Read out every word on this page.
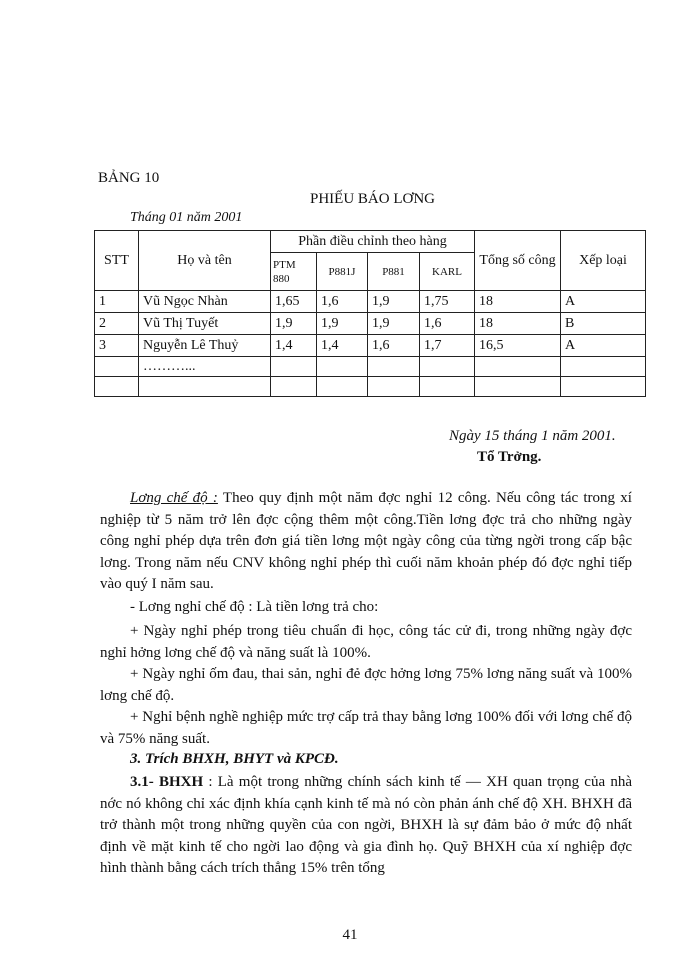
BẢNG 10
PHIẾU BÁO LƠNG
Tháng 01 năm 2001
STT	Họ và tên	Phần điều chỉnh theo hàng				Tổng số công	Xếp loại
		PTM 880	P881J	P881	KARL		
1	Vũ Ngọc Nhàn	1,65	1,6	1,9	1,75	18	A
2	Vũ Thị Tuyết	1,9	1,9	1,9	1,6	18	B
3	Nguyễn Lê Thuỷ	1,4	1,4	1,6	1,7	16,5	A
	………...						

Ngày 15 tháng 1 năm 2001.
Tổ Trởng.
Lơng chế độ : Theo quy định một năm đợc nghỉ 12 công. Nếu công tác trong xí nghiệp từ 5 năm trở lên đợc cộng thêm một công.Tiền lơng đợc trả cho những ngày công nghỉ phép dựa trên đơn giá tiền lơng một ngày công của từng ngời trong cấp bậc lơng. Trong năm nếu CNV không nghỉ phép thì cuối năm khoản phép đó đợc nghỉ tiếp vào quý I năm sau.
- Lơng nghỉ chế độ : Là tiền lơng trả cho:
+ Ngày nghỉ phép trong tiêu chuẩn đi học, công tác cử đi, trong những ngày đợc nghỉ hởng lơng chế độ và năng suất là 100%.
+ Ngày nghỉ ốm đau, thai sản, nghỉ đẻ đợc hởng lơng 75% lơng năng suất và 100% lơng chế độ.
+ Nghỉ bệnh nghề nghiệp mức trợ cấp trả thay bằng lơng 100% đối với lơng chế độ và 75% năng suất.
3. Trích BHXH, BHYT và KPCĐ.
3.1- BHXH : Là một trong những chính sách kinh tế — XH quan trọng của nhà nớc nó không chỉ xác định khía cạnh kinh tế mà nó còn phản ánh chế độ XH. BHXH đã trở thành một trong những quyền của con ngời, BHXH là sự đảm bảo ở mức độ nhất định về mặt kinh tế cho ngời lao động và gia đình họ. Quỹ BHXH của xí nghiệp đợc hình thành bằng cách trích thẳng 15% trên tổng
41
